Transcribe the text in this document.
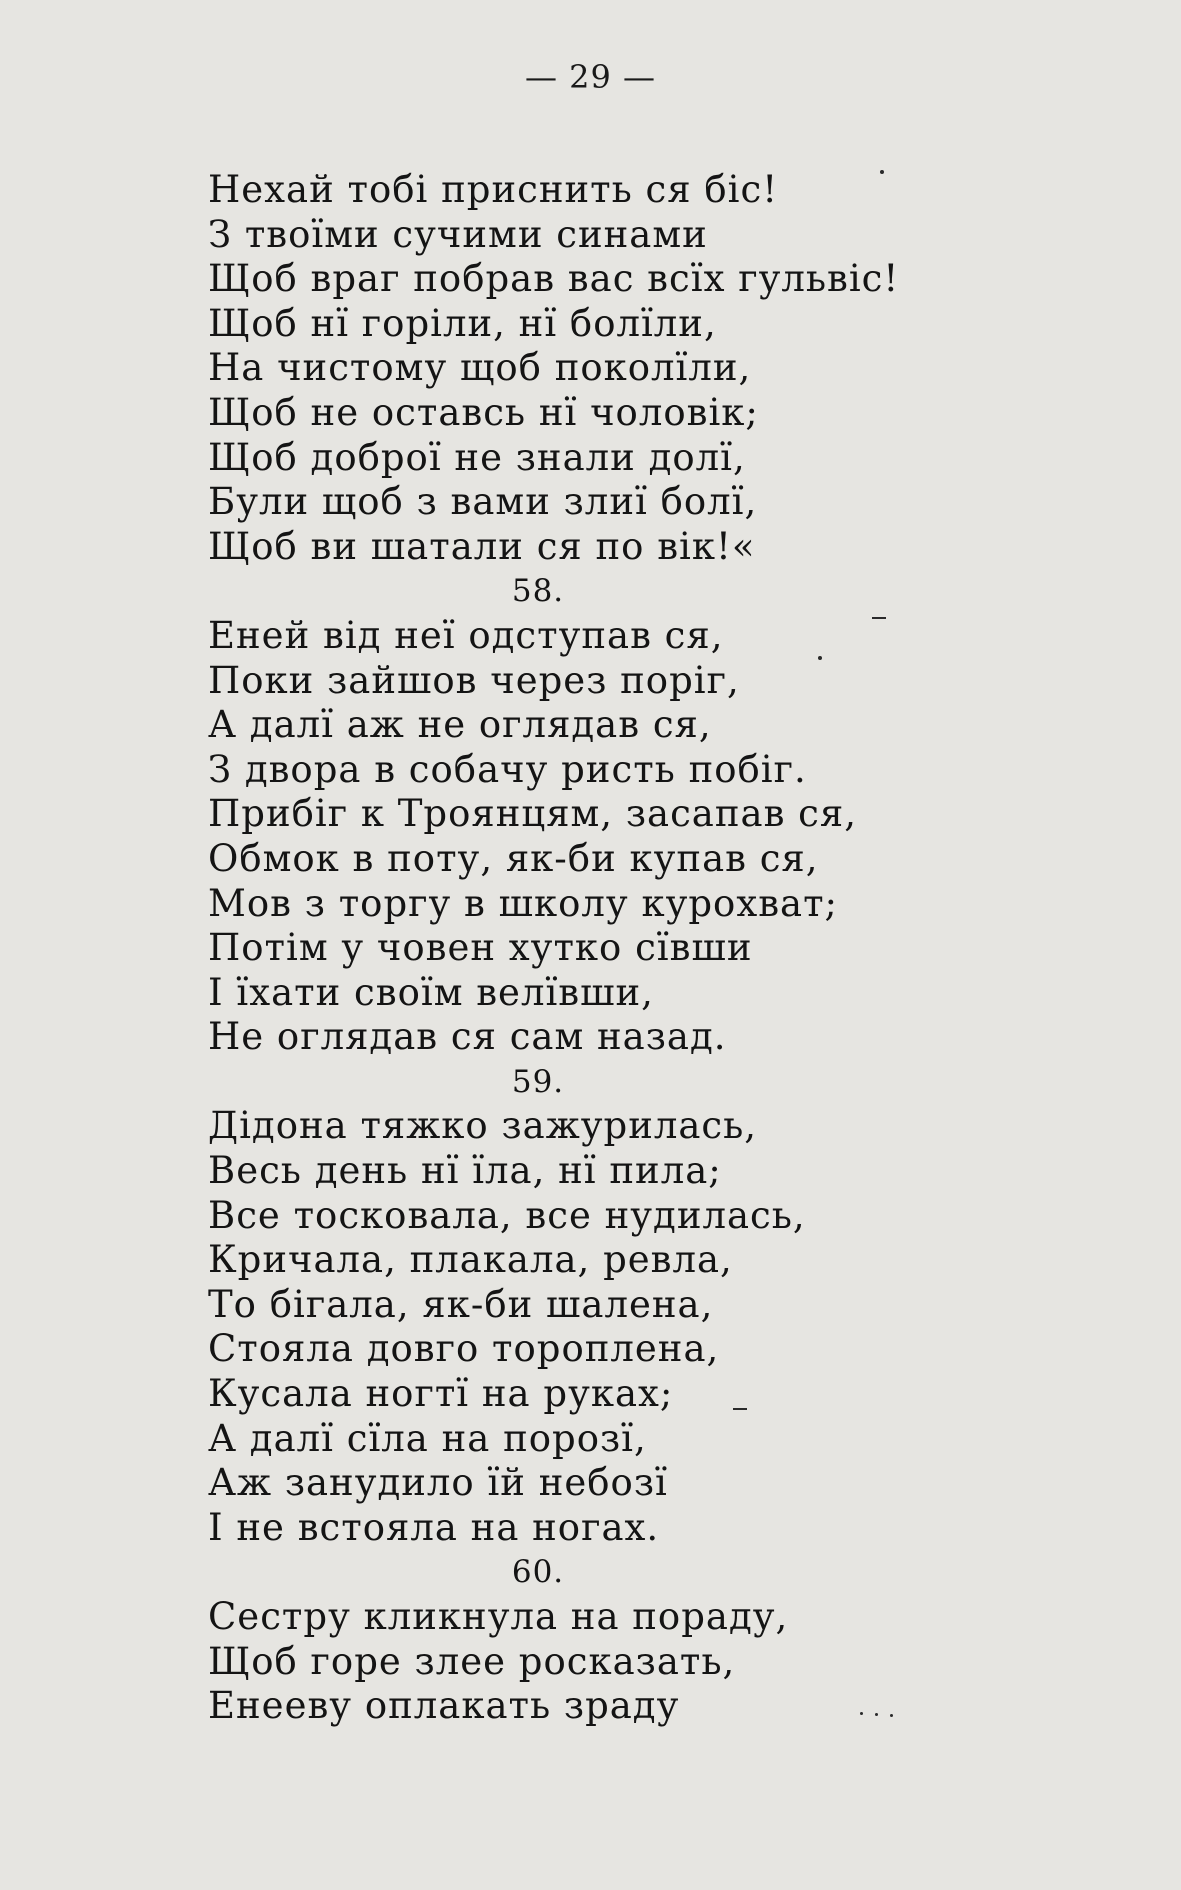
— 29 —
Нехай тобі приснить ся біс!
З твоїми сучими синами
Щоб враг побрав вас всїх гульвіс!
Щоб нї горіли, нї болїли,
На чистому щоб поколїли,
Щоб не оставсь нї чоловік;
Щоб доброї не знали долї,
Були щоб з вами злиї болї,
Щоб ви шатали ся по вік!«
58.
Еней від неї одступав ся,
Поки зайшов через поріг,
А далї аж не оглядав ся,
З двора в собачу ристь побіг.
Прибіг к Троянцям, засапав ся,
Обмок в поту, як-би купав ся,
Мов з торгу в школу курохват;
Потім у човен хутко сївши
І їхати своїм велївши,
Не оглядав ся сам назад.
59.
Дідона тяжко зажурилась,
Весь день нї їла, нї пила;
Все тосковала, все нудилась,
Кричала, плакала, ревла,
То бігала, як-би шалена,
Стояла довго тороплена,
Кусала ногтї на руках;
А далї сїла на порозї,
Аж занудило їй небозї
І не встояла на ногах.
60.
Сестру кликнула на пораду,
Щоб горе злее росказать,
Енееву оплакать зраду
